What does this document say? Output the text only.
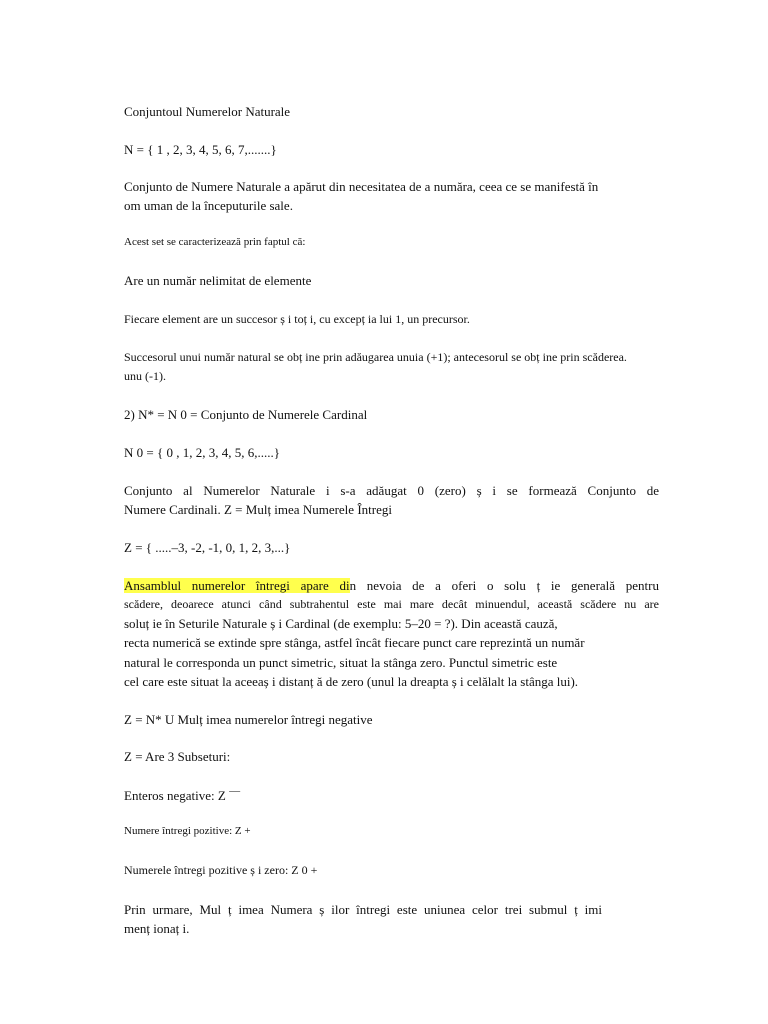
Conjuntoul Numerelor Naturale

N = { 1 , 2, 3, 4, 5, 6, 7,.......}

Conjunto de Numere Naturale a apărut din necesitatea de a număra, ceea ce se manifestă în

om uman de la începuturile sale.

Acest set se caracterizează prin faptul că:

Are un număr nelimitat de elemente

Fiecare element are un succesor ș i toț i, cu excepț ia lui 1, un precursor.

Succesorul unui număr natural se obț ine prin adăugarea unuia (+1); antecesorul se obț ine prin scăderea.

unu (-1).

2) N* = N 0 = Conjunto de Numerele Cardinal

N 0 = { 0 , 1, 2, 3, 4, 5, 6,.....}

Conjunto al Numerelor Naturale i s-a adăugat 0 (zero) ș i se formează Conjunto de

Numere Cardinali. Z = Mulț imea Numerele Întregi

Z = { .....–3, -2, -1, 0, 1, 2, 3,...}

Ansamblul numerelor întregi apare din nevoia de a oferi o solu ț ie generală pentru

scădere, deoarece atunci când subtrahentul este mai mare decât minuendul, această scădere nu are

soluț ie în Seturile Naturale ș i Cardinal (de exemplu: 5–20 = ?). Din această cauză,

recta numerică se extinde spre stânga, astfel încât fiecare punct care reprezintă un număr

natural le corresponda un punct simetric, situat la stânga zero. Punctul simetric este

cel care este situat la aceeaș i distanț ă de zero (unul la dreapta ș i celălalt la stânga lui).

Z = N* U Mulț imea numerelor întregi negative

Z = Are 3 Subseturi:

Enteros negative: Z —

Numere întregi pozitive: Z +

Numerele întregi pozitive ș i zero: Z 0 +

Prin urmare, Mul ț imea Numera ș ilor întregi este uniunea celor trei submul ț imi

menț ionaț i.
